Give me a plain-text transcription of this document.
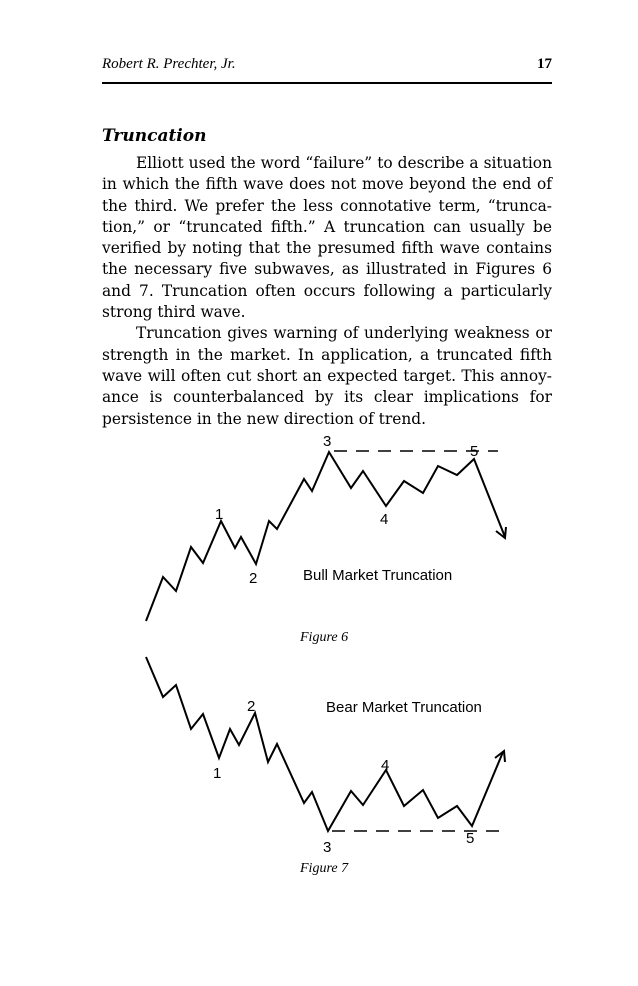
Robert R. Prechter, Jr.	17
Truncation

Elliott used the word “failure” to describe a situation in which the fifth wave does not move beyond the end of the third. We prefer the less connotative term, “truncation,” or “truncated fifth.” A truncation can usually be verified by noting that the presumed fifth wave contains the necessary five subwaves, as illustrated in Figures 6 and 7. Truncation often occurs following a particularly strong third wave.

Truncation gives warning of underlying weakness or strength in the market. In application, a truncated fifth wave will often cut short an expected target. This annoyance is counterbalanced by its clear implications for persistence in the new direction of trend.

1
2
3
4
5
Bull Market Truncation
1
2
3
4
5
Bear Market Truncation
Figure 6
Figure 7
